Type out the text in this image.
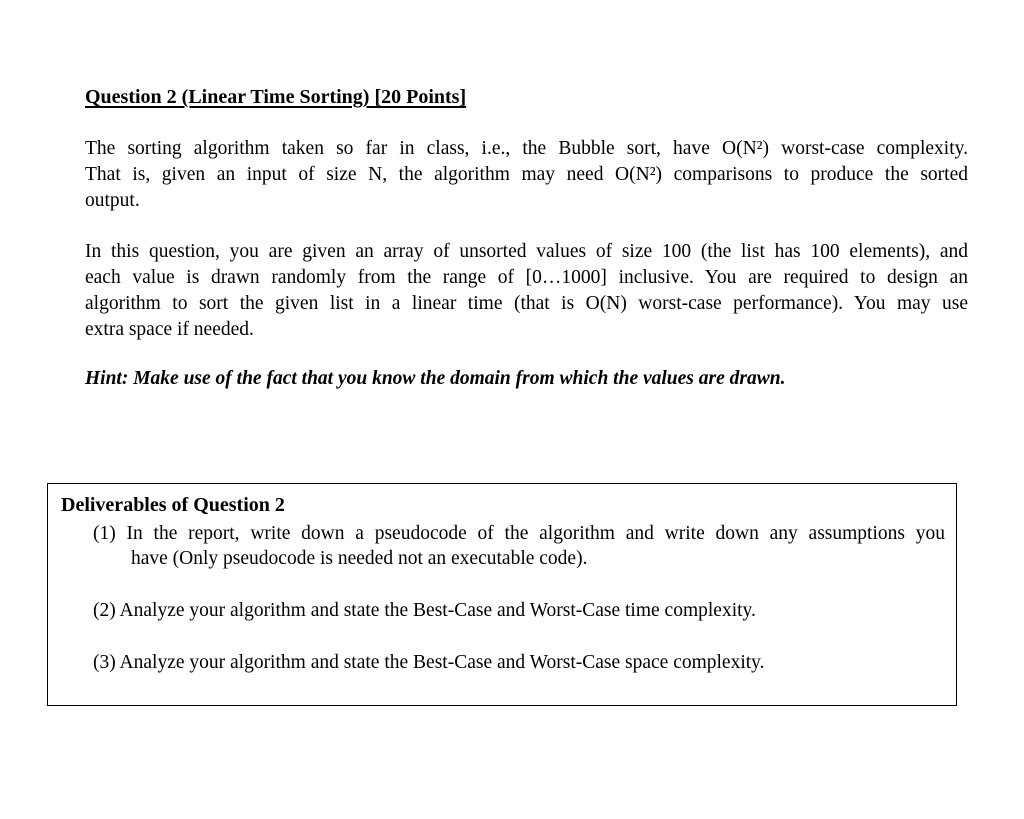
Question 2 (Linear Time Sorting) [20 Points]
The sorting algorithm taken so far in class, i.e., the Bubble sort, have O(N²) worst-case complexity.
That is, given an input of size N, the algorithm may need O(N²) comparisons to produce the sorted
output.
In this question, you are given an array of unsorted values of size 100 (the list has 100 elements), and
each value is drawn randomly from the range of [0…1000] inclusive. You are required to design an
algorithm to sort the given list in a linear time (that is O(N) worst-case performance). You may use
extra space if needed.
Hint: Make use of the fact that you know the domain from which the values are drawn.
Deliverables of Question 2
(1) In the report, write down a pseudocode of the algorithm and write down any assumptions you
have (Only pseudocode is needed not an executable code).
(2) Analyze your algorithm and state the Best-Case and Worst-Case time complexity.
(3) Analyze your algorithm and state the Best-Case and Worst-Case space complexity.
